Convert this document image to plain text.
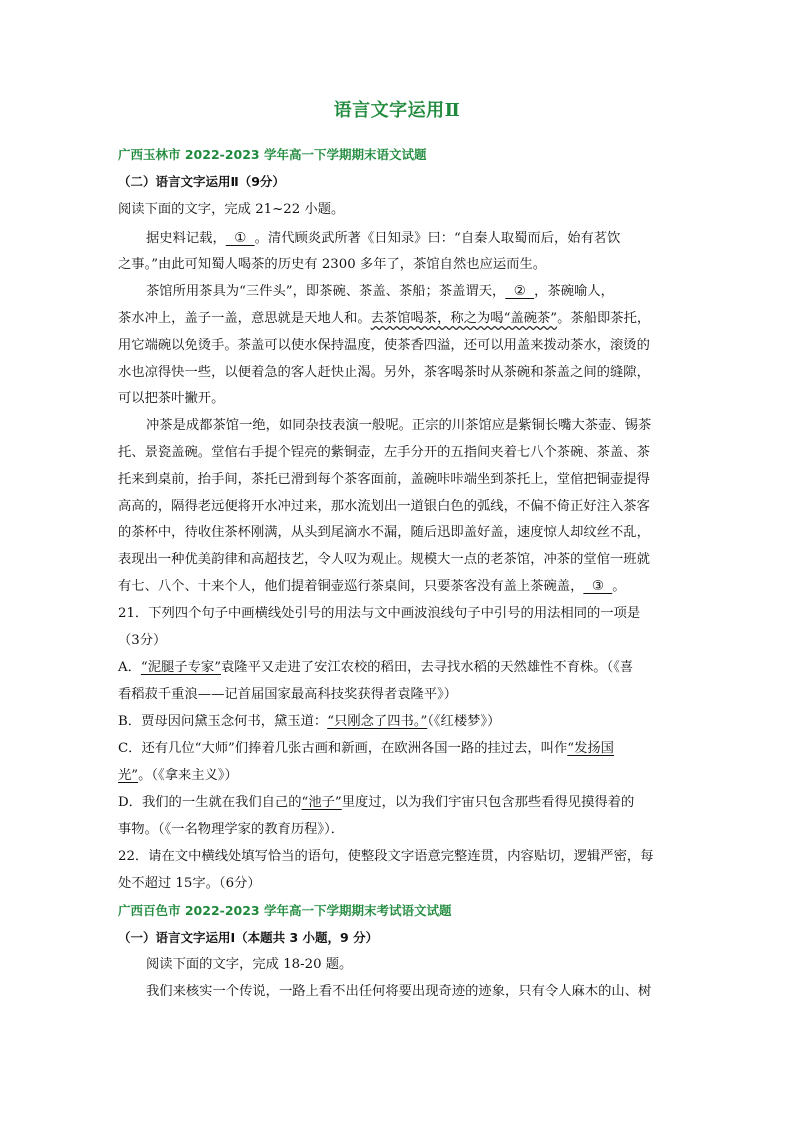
语言文字运用Ⅱ
广西玉林市 2022-2023 学年高一下学期期末语文试题
（二）语言文字运用Ⅱ（9分）
阅读下面的文字，完成 21~22 小题。
据史料记载，  ①  。清代顾炎武所著《日知录》曰：“自秦人取蜀而后，始有茗饮
之事。”由此可知蜀人喝茶的历史有 2300 多年了，茶馆自然也应运而生。
茶馆所用茶具为“三件头”，即茶碗、茶盖、茶船；茶盖谓天，  ②  ，茶碗喻人，
茶水冲上，盖子一盖，意思就是天地人和。去茶馆喝茶，称之为喝“盖碗茶”。茶船即茶托，
用它端碗以免烫手。茶盖可以使水保持温度，使茶香四溢，还可以用盖来拨动茶水，滚烫的
水也凉得快一些，以便着急的客人赶快止渴。另外，茶客喝茶时从茶碗和茶盖之间的缝隙，
可以把茶叶撇开。
冲茶是成都茶馆一绝，如同杂技表演一般呢。正宗的川茶馆应是紫铜长嘴大茶壶、锡茶
托、景瓷盖碗。堂倌右手提个锃亮的紫铜壶，左手分开的五指间夹着七八个茶碗、茶盖、茶
托来到桌前，抬手间，茶托已滑到每个茶客面前，盖碗咔咔端坐到茶托上，堂倌把铜壶提得
高高的，隔得老远便将开水冲过来，那水流划出一道银白色的弧线，不偏不倚正好注入茶客
的茶杯中，待收住茶杯刚满，从头到尾滴水不漏，随后迅即盖好盖，速度惊人却纹丝不乱，
表现出一种优美韵律和高超技艺，令人叹为观止。规模大一点的老茶馆，冲茶的堂倌一班就
有七、八个、十来个人，他们提着铜壶巡行茶桌间，只要茶客没有盖上茶碗盖，  ③  。
21．下列四个句子中画横线处引号的用法与文中画波浪线句子中引号的用法相同的一项是
（3分）
A．“泥腿子专家”袁隆平又走进了安江农校的稻田，去寻找水稻的天然雄性不育株。（《喜
看稻菽千重浪——记首届国家最高科技奖获得者袁隆平》）
B．贾母因问黛玉念何书，黛玉道：“只刚念了四书。”（《红楼梦》）
C．还有几位“大师”们捧着几张古画和新画，在欧洲各国一路的挂过去，叫作“发扬国
光”。（《拿来主义》）
D．我们的一生就在我们自己的“池子”里度过，以为我们宇宙只包含那些看得见摸得着的
事物。（《一名物理学家的教育历程》）．
22．请在文中横线处填写恰当的语句，使整段文字语意完整连贯，内容贴切，逻辑严密，每
处不超过 15字。（6分）
广西百色市 2022-2023 学年高一下学期期末考试语文试题
（一）语言文字运用Ⅰ（本题共 3 小题，9 分）
阅读下面的文字，完成 18-20 题。
我们来核实一个传说，一路上看不出任何将要出现奇迹的迹象，只有令人麻木的山、树
